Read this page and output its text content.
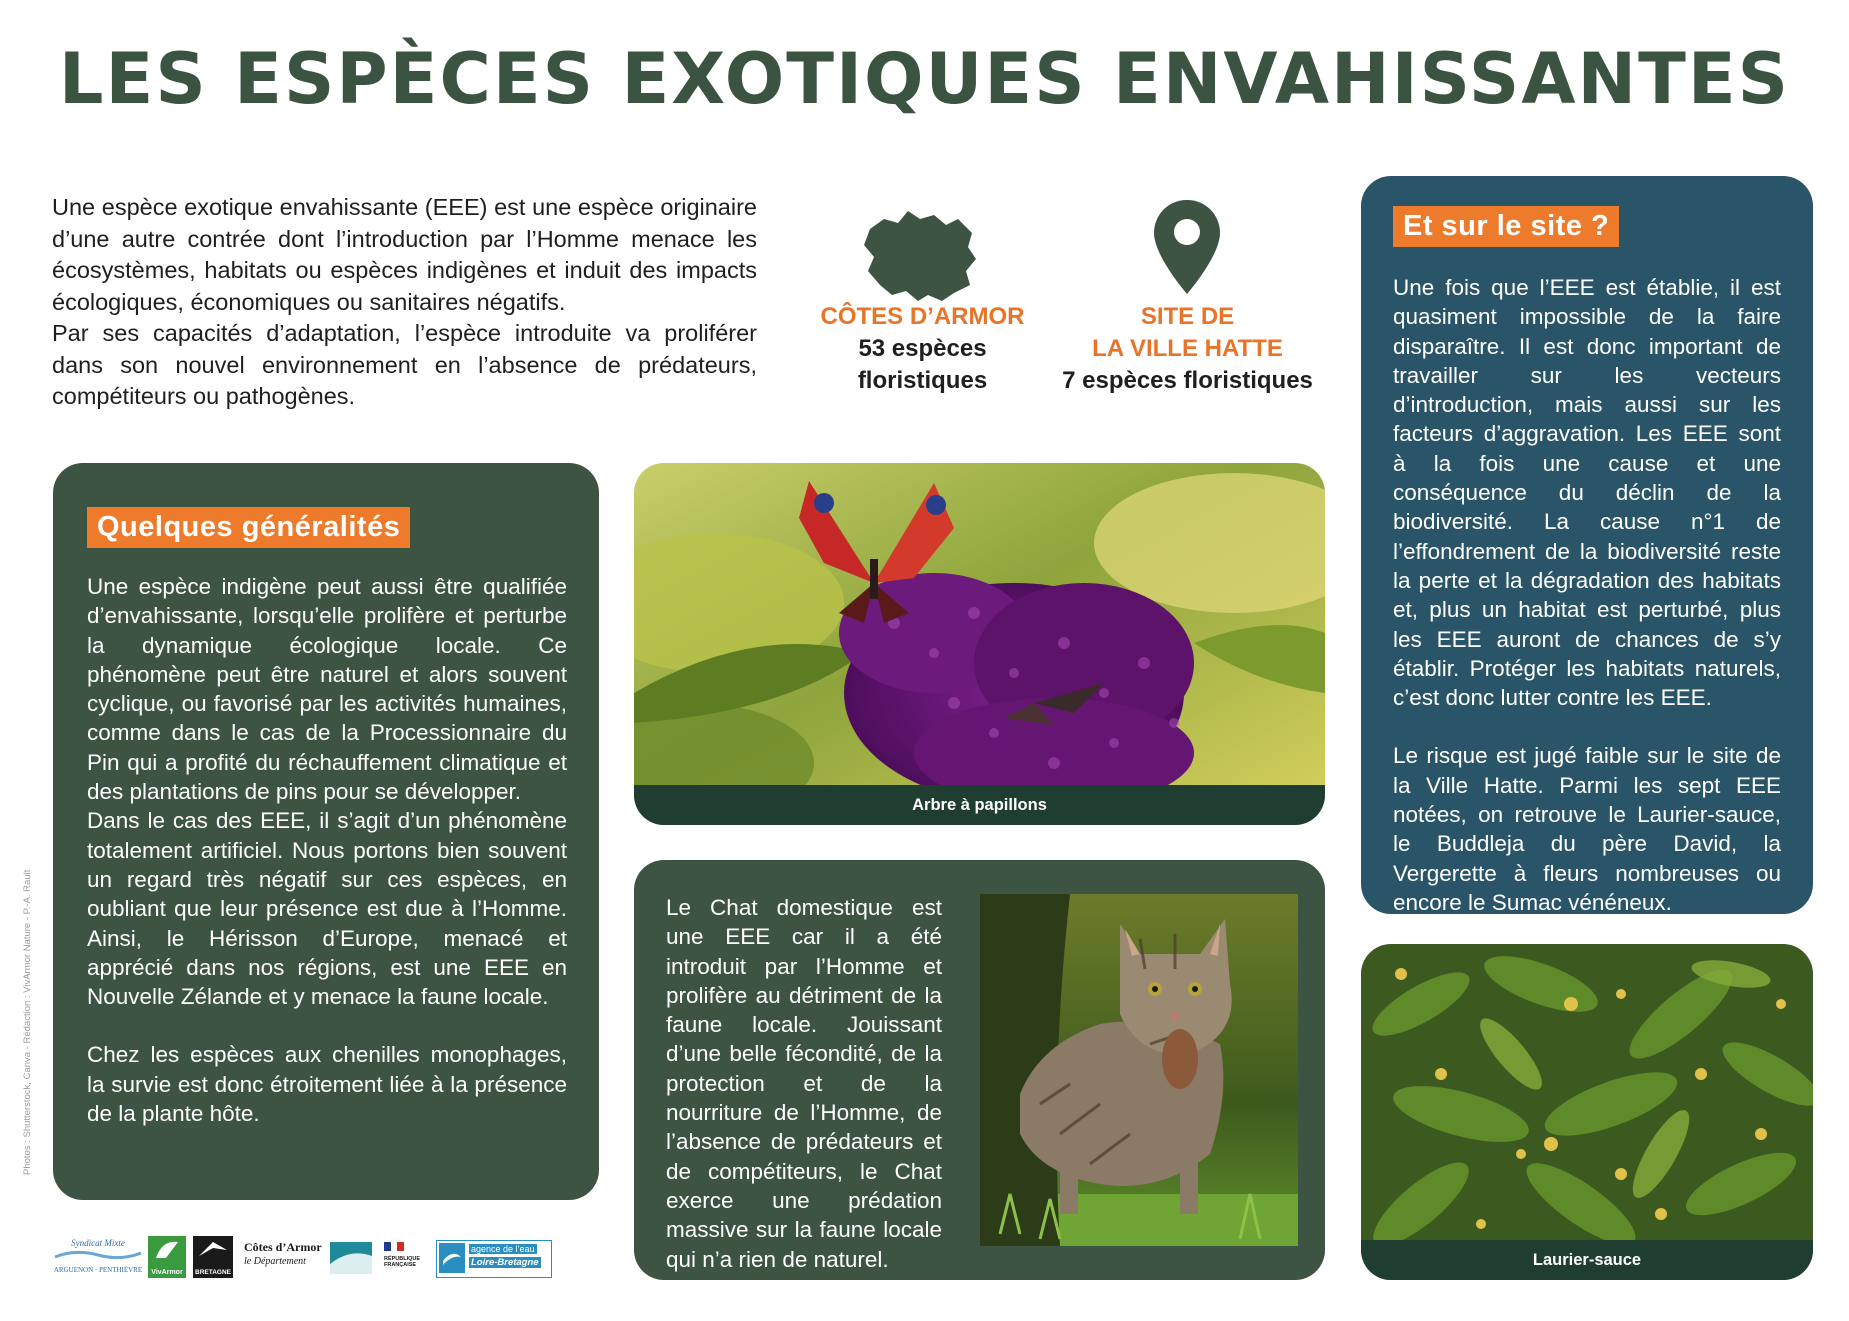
LES ESPÈCES EXOTIQUES ENVAHISSANTES

Une espèce exotique envahissante (EEE) est une espèce originaire d’une autre contrée dont l’introduction par l’Homme menace les écosystèmes, habitats ou espèces indigènes et induit des impacts écologiques, économiques ou sanitaires négatifs.

Par ses capacités d’adaptation, l’espèce introduite va proliférer dans son nouvel environnement en l’absence de prédateurs, compétiteurs ou pathogènes.

CÔTES D’ARMOR
53 espèces
floristiques
SITE DE
LA VILLE HATTE
7 espèces floristiques
Et sur le site ?

Une fois que l’EEE est établie, il est quasiment impossible de la faire disparaître. Il est donc important de travailler sur les vecteurs d’introduction, mais aussi sur les facteurs d’aggravation. Les EEE sont à la fois une cause et une conséquence du déclin de la biodiversité. La cause n°1 de l’effondrement de la biodiversité reste la perte et la dégradation des habitats et, plus un habitat est perturbé, plus les EEE auront de chances de s’y établir. Protéger les habitats naturels, c’est donc lutter contre les EEE.

Le risque est jugé faible sur le site de la Ville Hatte. Parmi les sept EEE notées, on retrouve le Laurier-sauce, le Buddleja du père David, la Vergerette à fleurs nombreuses ou encore le Sumac vénéneux.

Quelques généralités

Une espèce indigène peut aussi être qualifiée d’envahissante, lorsqu’elle prolifère et perturbe la dynamique écologique locale. Ce phénomène peut être naturel et alors souvent cyclique, ou favorisé par les activités humaines, comme dans le cas de la Processionnaire du Pin qui a profité du réchauffement climatique et des plantations de pins pour se développer.

Dans le cas des EEE, il s’agit d’un phénomène totalement artificiel. Nous portons bien souvent un regard très négatif sur ces espèces, en oubliant que leur présence est due à l’Homme. Ainsi, le Hérisson d’Europe, menacé et apprécié dans nos régions, est une EEE en Nouvelle Zélande et y menace la faune locale.

Chez les espèces aux chenilles monophages, la survie est donc étroitement liée à la présence de la plante hôte.

Arbre à papillons
Le Chat domestique est une EEE car il a été introduit par l’Homme et prolifère au détriment de la faune locale. Jouissant d’une belle fécondité, de la protection et de la nourriture de l’Homme, de l’absence de prédateurs et de compétiteurs, le Chat exerce une prédation massive sur la faune locale qui n’a rien de naturel.	Laurier-sauce
Photos : Shutterstock, Canva - Rédaction : VivArmor Nature - P.-A. Rault
Syndicat Mixte
ARGUENON · PENTHIÈVRE	VivArmor	BRETAGNE
Côtes d’Armor
le Département	RÉPUBLIQUE
FRANÇAISE
agence de l’eau
Loire-Bretagne
